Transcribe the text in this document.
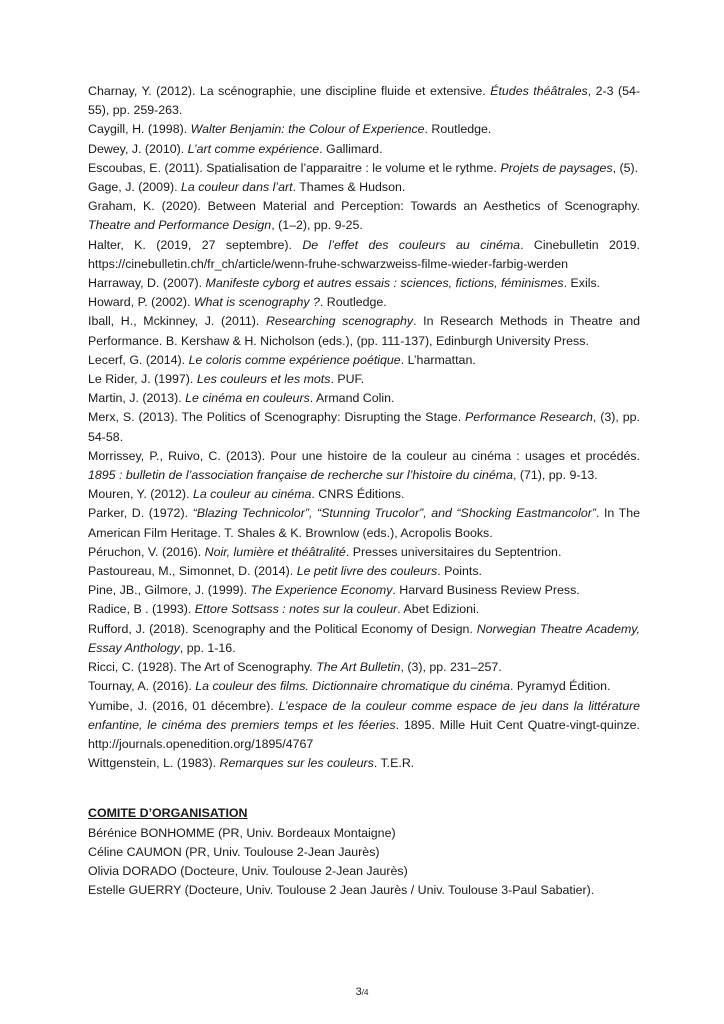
Charnay, Y. (2012). La scénographie, une discipline fluide et extensive. Études théâtrales, 2-3 (54-55), pp. 259-263.

Caygill, H. (1998). Walter Benjamin: the Colour of Experience. Routledge.

Dewey, J. (2010). L’art comme expérience. Gallimard.

Escoubas, E. (2011). Spatialisation de l’apparaitre : le volume et le rythme. Projets de paysages, (5).

Gage, J. (2009). La couleur dans l’art. Thames & Hudson.

Graham, K. (2020). Between Material and Perception: Towards an Aesthetics of Scenography. Theatre and Performance Design, (1–2), pp. 9-25.

Halter, K. (2019, 27 septembre). De l’effet des couleurs au cinéma. Cinebulletin 2019. https://cinebulletin.ch/fr_ch/article/wenn-fruhe-schwarzweiss-filme-wieder-farbig-werden

Harraway, D. (2007). Manifeste cyborg et autres essais : sciences, fictions, féminismes. Exils.

Howard, P. (2002). What is scenography ?. Routledge.

Iball, H., Mckinney, J. (2011). Researching scenography. In Research Methods in Theatre and Performance. B. Kershaw & H. Nicholson (eds.), (pp. 111-137), Edinburgh University Press.

Lecerf, G. (2014). Le coloris comme expérience poétique. L’harmattan.

Le Rider, J. (1997). Les couleurs et les mots. PUF.

Martin, J. (2013). Le cinéma en couleurs. Armand Colin.

Merx, S. (2013). The Politics of Scenography: Disrupting the Stage. Performance Research, (3), pp. 54-58.

Morrissey, P., Ruivo, C. (2013). Pour une histoire de la couleur au cinéma : usages et procédés. 1895 : bulletin de l’association française de recherche sur l’histoire du cinéma, (71), pp. 9-13.

Mouren, Y. (2012). La couleur au cinéma. CNRS Éditions.

Parker, D. (1972). “Blazing Technicolor”, “Stunning Trucolor”, and “Shocking Eastmancolor”. In The American Film Heritage. T. Shales & K. Brownlow (eds.), Acropolis Books.

Péruchon, V. (2016). Noir, lumière et théâtralité. Presses universitaires du Septentrion.

Pastoureau, M., Simonnet, D. (2014). Le petit livre des couleurs. Points.

Pine, JB., Gilmore, J. (1999). The Experience Economy. Harvard Business Review Press.

Radice, B . (1993). Ettore Sottsass : notes sur la couleur. Abet Edizioni.

Rufford, J. (2018). Scenography and the Political Economy of Design. Norwegian Theatre Academy, Essay Anthology, pp. 1-16.

Ricci, C. (1928). The Art of Scenography. The Art Bulletin, (3), pp. 231–257.

Tournay, A. (2016). La couleur des films. Dictionnaire chromatique du cinéma. Pyramyd Édition.

Yumibe, J. (2016, 01 décembre). L’espace de la couleur comme espace de jeu dans la littérature enfantine, le cinéma des premiers temps et les féeries. 1895. Mille Huit Cent Quatre-vingt-quinze. http://journals.openedition.org/1895/4767

Wittgenstein, L. (1983). Remarques sur les couleurs. T.E.R.

COMITE D’ORGANISATION

Bérénice BONHOMME (PR, Univ. Bordeaux Montaigne)

Céline CAUMON (PR, Univ. Toulouse 2-Jean Jaurès)

Olivia DORADO (Docteure, Univ. Toulouse 2-Jean Jaurès)

Estelle GUERRY (Docteure, Univ. Toulouse 2 Jean Jaurès / Univ. Toulouse 3-Paul Sabatier).

3/4
